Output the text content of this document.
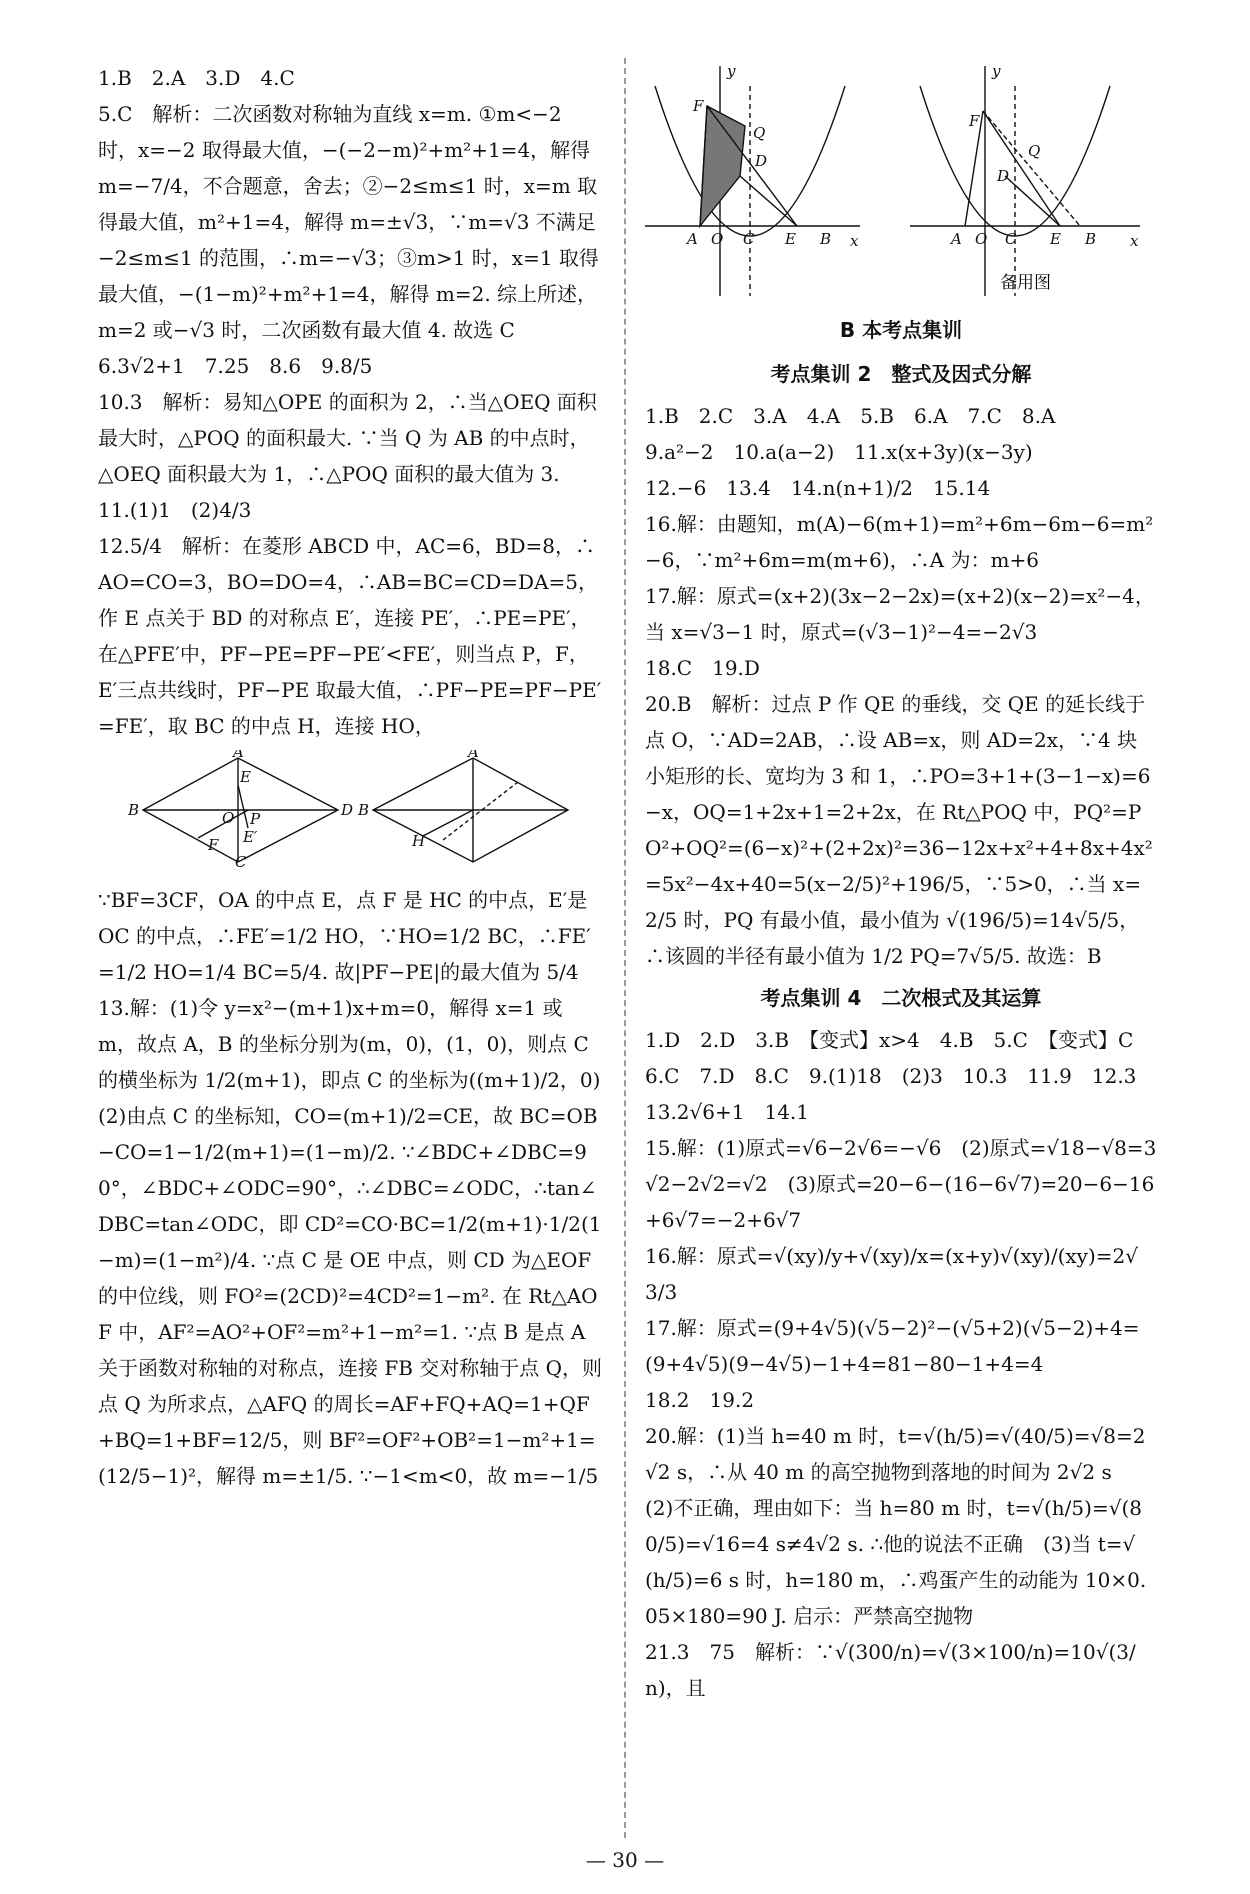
1.B　2.A　3.D　4.C

5.C　解析：二次函数对称轴为直线 x=m. ①m<−2 时，x=−2 取得最大值，−(−2−m)²+m²+1=4，解得 m=−7/4，不合题意，舍去；②−2≤m≤1 时，x=m 取得最大值，m²+1=4，解得 m=±√3，∵m=√3 不满足−2≤m≤1 的范围，∴m=−√3；③m>1 时，x=1 取得最大值，−(1−m)²+m²+1=4，解得 m=2. 综上所述，m=2 或−√3 时，二次函数有最大值 4. 故选 C

6.3√2+1　7.25　8.6　9.8/5

10.3　解析：易知△OPE 的面积为 2，∴当△OEQ 面积最大时，△POQ 的面积最大. ∵当 Q 为 AB 的中点时，△OEQ 面积最大为 1，∴△POQ 面积的最大值为 3.

11.(1)1　(2)4/3

12.5/4　解析：在菱形 ABCD 中，AC=6，BD=8，∴AO=CO=3，BO=DO=4，∴AB=BC=CD=DA=5，作 E 点关于 BD 的对称点 E′，连接 PE′，∴PE=PE′，在△PFE′中，PF−PE=PF−PE′<FE′，则当点 P，F，E′三点共线时，PF−PE 取最大值，∴PF−PE=PF−PE′=FE′，取 BC 的中点 H，连接 HO，

A
B	D
C
E
O P
E′
F
A
B
H

∵BF=3CF，OA 的中点 E，点 F 是 HC 的中点，E′是 OC 的中点，∴FE′=1/2 HO，∵HO=1/2 BC，∴FE′=1/2 HO=1/4 BC=5/4. 故|PF−PE|的最大值为 5/4

13.解：(1)令 y=x²−(m+1)x+m=0，解得 x=1 或 m，故点 A，B 的坐标分别为(m，0)，(1，0)，则点 C 的横坐标为 1/2(m+1)，即点 C 的坐标为((m+1)/2，0)

(2)由点 C 的坐标知，CO=(m+1)/2=CE，故 BC=OB−CO=1−1/2(m+1)=(1−m)/2. ∵∠BDC+∠DBC=90°，∠BDC+∠ODC=90°，∴∠DBC=∠ODC，∴tan∠DBC=tan∠ODC，即 CD²=CO·BC=1/2(m+1)·1/2(1−m)=(1−m²)/4. ∵点 C 是 OE 中点，则 CD 为△EOF 的中位线，则 FO²=(2CD)²=4CD²=1−m². 在 Rt△AOF 中，AF²=AO²+OF²=m²+1−m²=1. ∵点 B 是点 A 关于函数对称轴的对称点，连接 FB 交对称轴于点 Q，则点 Q 为所求点，△AFQ 的周长=AF+FQ+AQ=1+QF+BQ=1+BF=12/5，则 BF²=OF²+OB²=1−m²+1=(12/5−1)²，解得 m=±1/5. ∵−1<m<0，故 m=−1/5

y
x
A O C E B
F
Q
D
y
x
A O C E B
F
Q
D
备用图
B 本考点集训
考点集训 2　整式及因式分解

1.B　2.C　3.A　4.A　5.B　6.A　7.C　8.A

9.a²−2　10.a(a−2)　11.x(x+3y)(x−3y)

12.−6　13.4　14.n(n+1)/2　15.14

16.解：由题知，m(A)−6(m+1)=m²+6m−6m−6=m²−6，∵m²+6m=m(m+6)，∴A 为：m+6

17.解：原式=(x+2)(3x−2−2x)=(x+2)(x−2)=x²−4，当 x=√3−1 时，原式=(√3−1)²−4=−2√3

18.C　19.D

20.B　解析：过点 P 作 QE 的垂线，交 QE 的延长线于点 O，∵AD=2AB，∴设 AB=x，则 AD=2x，∵4 块小矩形的长、宽均为 3 和 1，∴PO=3+1+(3−1−x)=6−x，OQ=1+2x+1=2+2x，在 Rt△POQ 中，PQ²=PO²+OQ²=(6−x)²+(2+2x)²=36−12x+x²+4+8x+4x²=5x²−4x+40=5(x−2/5)²+196/5，∵5>0，∴当 x=2/5 时，PQ 有最小值，最小值为 √(196/5)=14√5/5，∴该圆的半径有最小值为 1/2 PQ=7√5/5. 故选：B

考点集训 4　二次根式及其运算

1.D　2.D　3.B　【变式】x>4　4.B　5.C　【变式】C

6.C　7.D　8.C　9.(1)18　(2)3　10.3　11.9　12.3

13.2√6+1　14.1

15.解：(1)原式=√6−2√6=−√6　(2)原式=√18−√8=3√2−2√2=√2　(3)原式=20−6−(16−6√7)=20−6−16+6√7=−2+6√7

16.解：原式=√(xy)/y+√(xy)/x=(x+y)√(xy)/(xy)=2√3/3

17.解：原式=(9+4√5)(√5−2)²−(√5+2)(√5−2)+4=(9+4√5)(9−4√5)−1+4=81−80−1+4=4

18.2　19.2

20.解：(1)当 h=40 m 时，t=√(h/5)=√(40/5)=√8=2√2 s，∴从 40 m 的高空抛物到落地的时间为 2√2 s　(2)不正确，理由如下：当 h=80 m 时，t=√(h/5)=√(80/5)=√16=4 s≠4√2 s. ∴他的说法不正确　(3)当 t=√(h/5)=6 s 时，h=180 m，∴鸡蛋产生的动能为 10×0.05×180=90 J. 启示：严禁高空抛物

21.3　75　解析：∵√(300/n)=√(3×100/n)=10√(3/n)，且

— 30 —
